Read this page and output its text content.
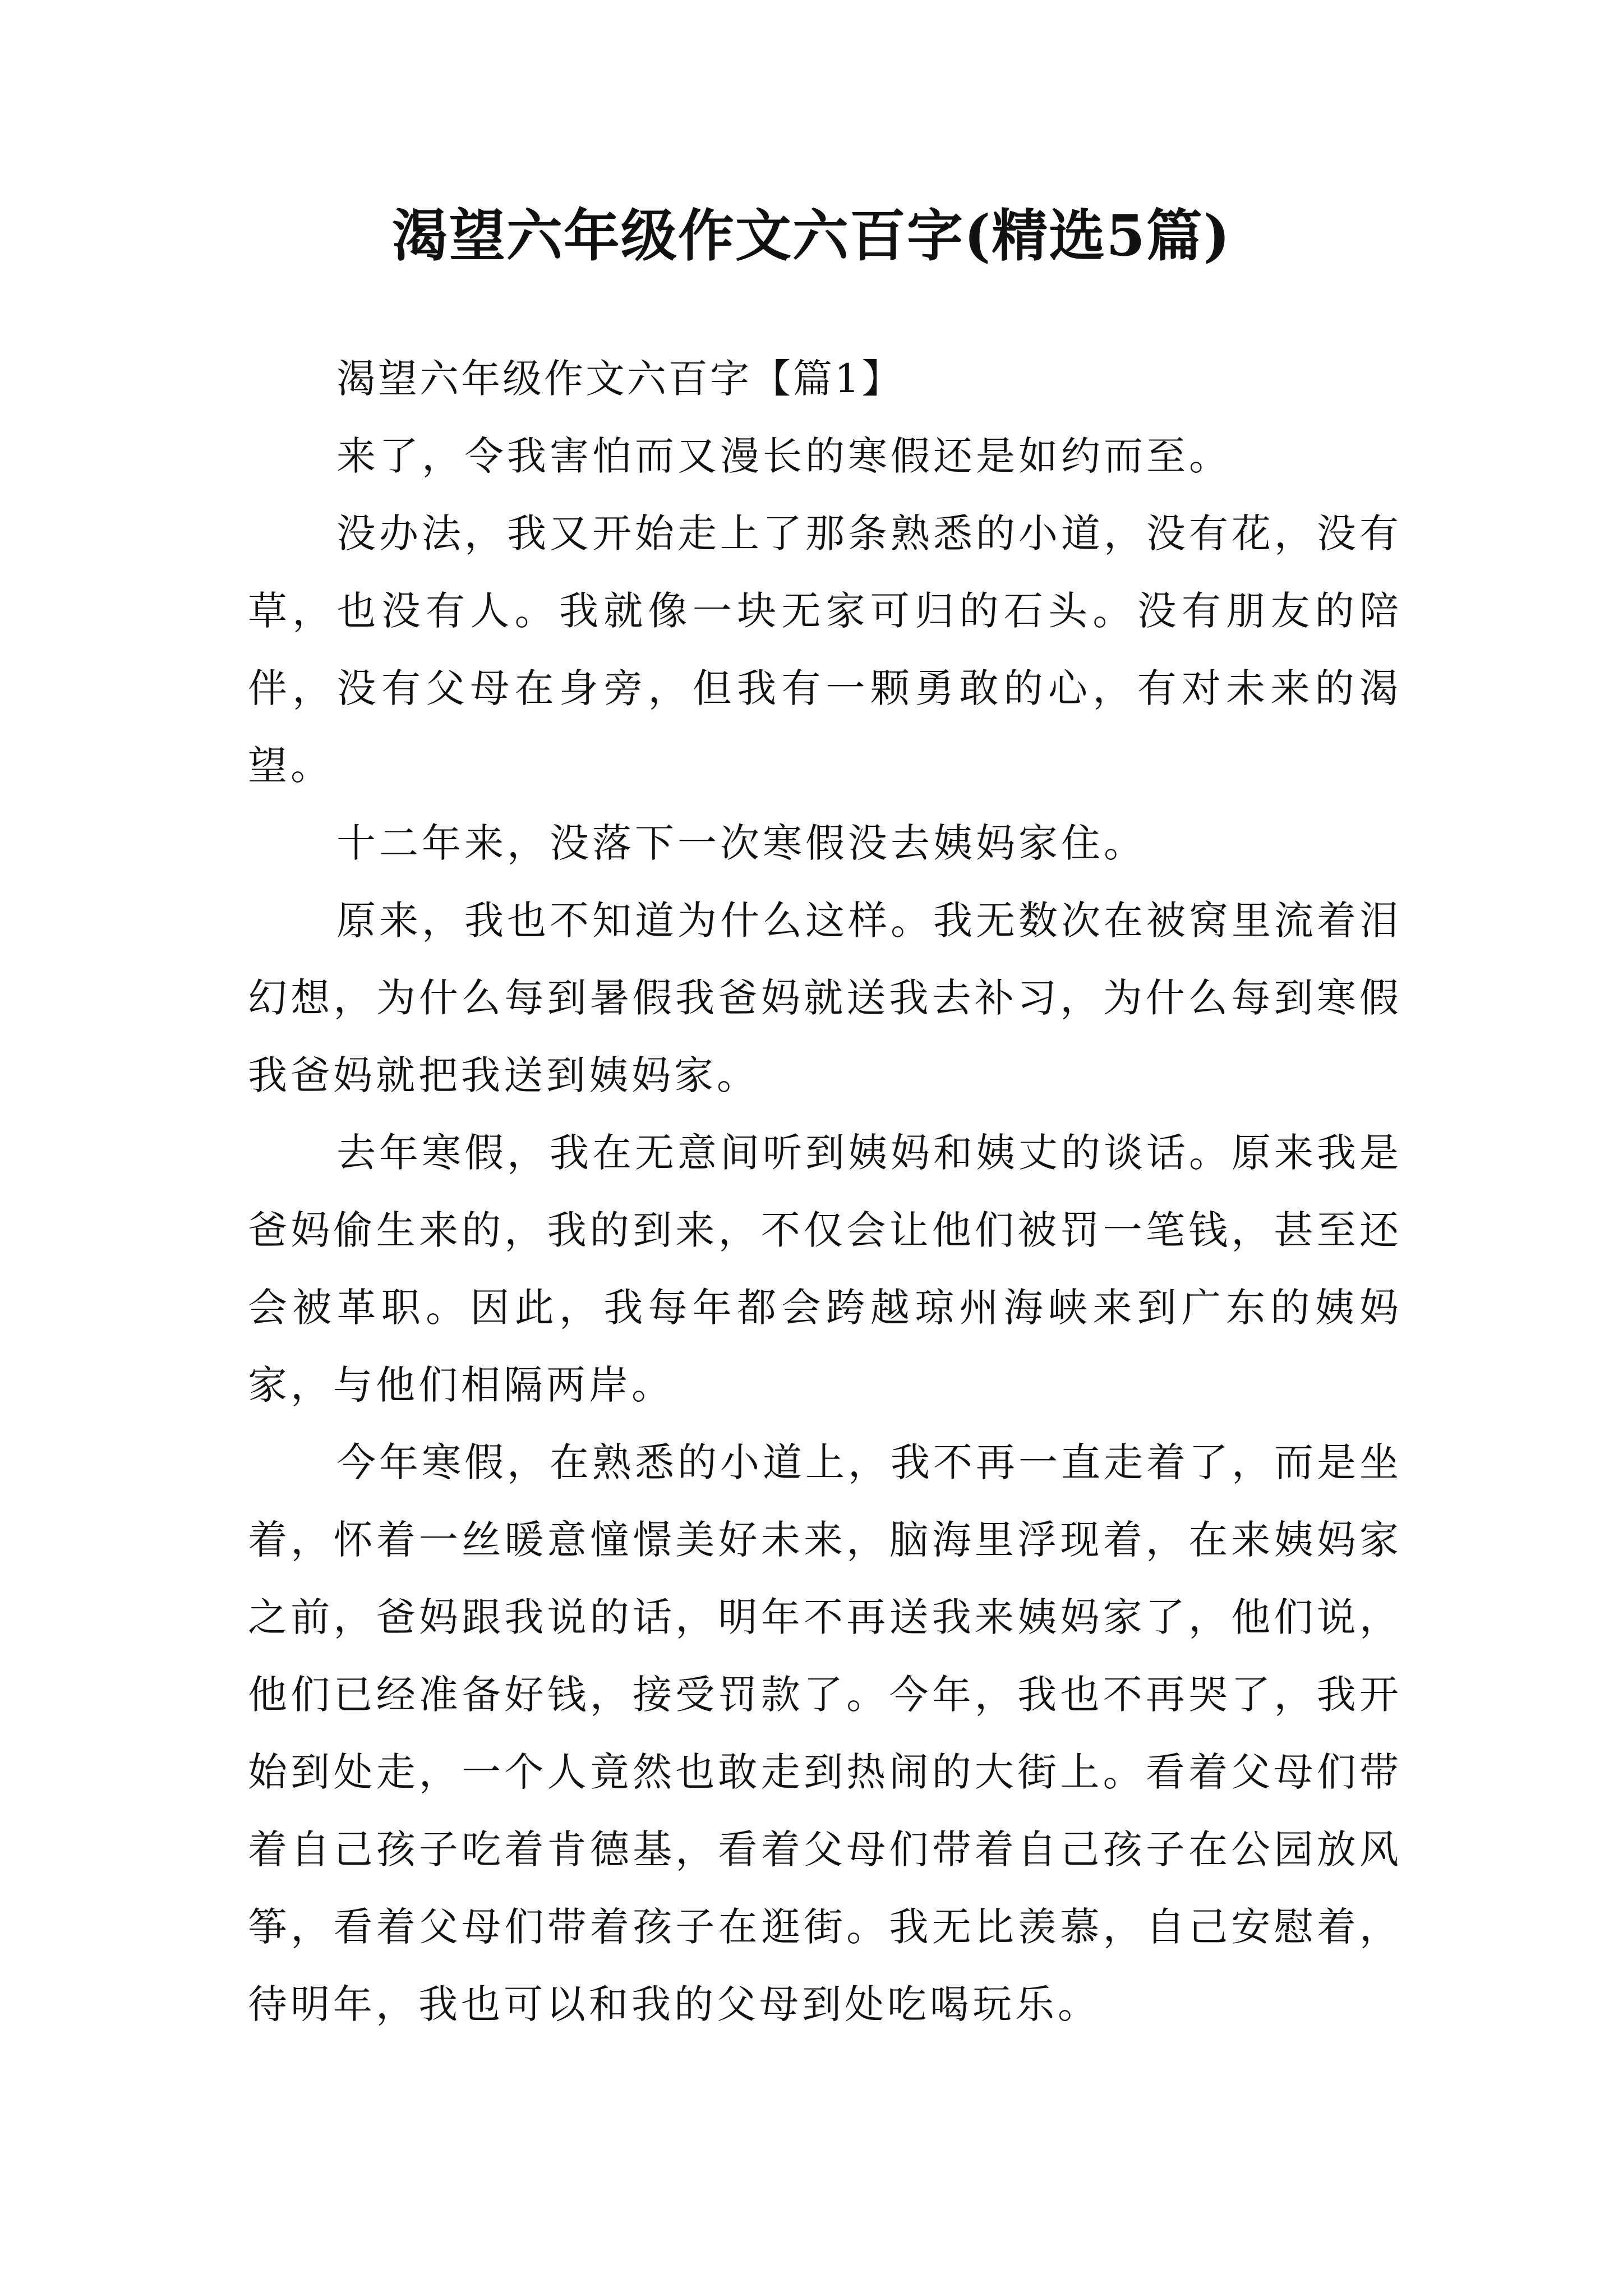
渴望六年级作文六百字(精选5篇)

渴望六年级作文六百字【篇1】

来了，令我害怕而又漫长的寒假还是如约而至。

没办法，我又开始走上了那条熟悉的小道，没有花，没有草，也没有人。我就像一块无家可归的石头。没有朋友的陪伴，没有父母在身旁，但我有一颗勇敢的心，有对未来的渴望。

十二年来，没落下一次寒假没去姨妈家住。

原来，我也不知道为什么这样。我无数次在被窝里流着泪幻想，为什么每到暑假我爸妈就送我去补习，为什么每到寒假我爸妈就把我送到姨妈家。

去年寒假，我在无意间听到姨妈和姨丈的谈话。原来我是爸妈偷生来的，我的到来，不仅会让他们被罚一笔钱，甚至还会被革职。因此，我每年都会跨越琼州海峡来到广东的姨妈家，与他们相隔两岸。

今年寒假，在熟悉的小道上，我不再一直走着了，而是坐着，怀着一丝暖意憧憬美好未来，脑海里浮现着，在来姨妈家之前，爸妈跟我说的话，明年不再送我来姨妈家了，他们说，他们已经准备好钱，接受罚款了。今年，我也不再哭了，我开始到处走，一个人竟然也敢走到热闹的大街上。看着父母们带着自己孩子吃着肯德基，看着父母们带着自己孩子在公园放风筝，看着父母们带着孩子在逛街。我无比羡慕，自己安慰着，待明年，我也可以和我的父母到处吃喝玩乐。
